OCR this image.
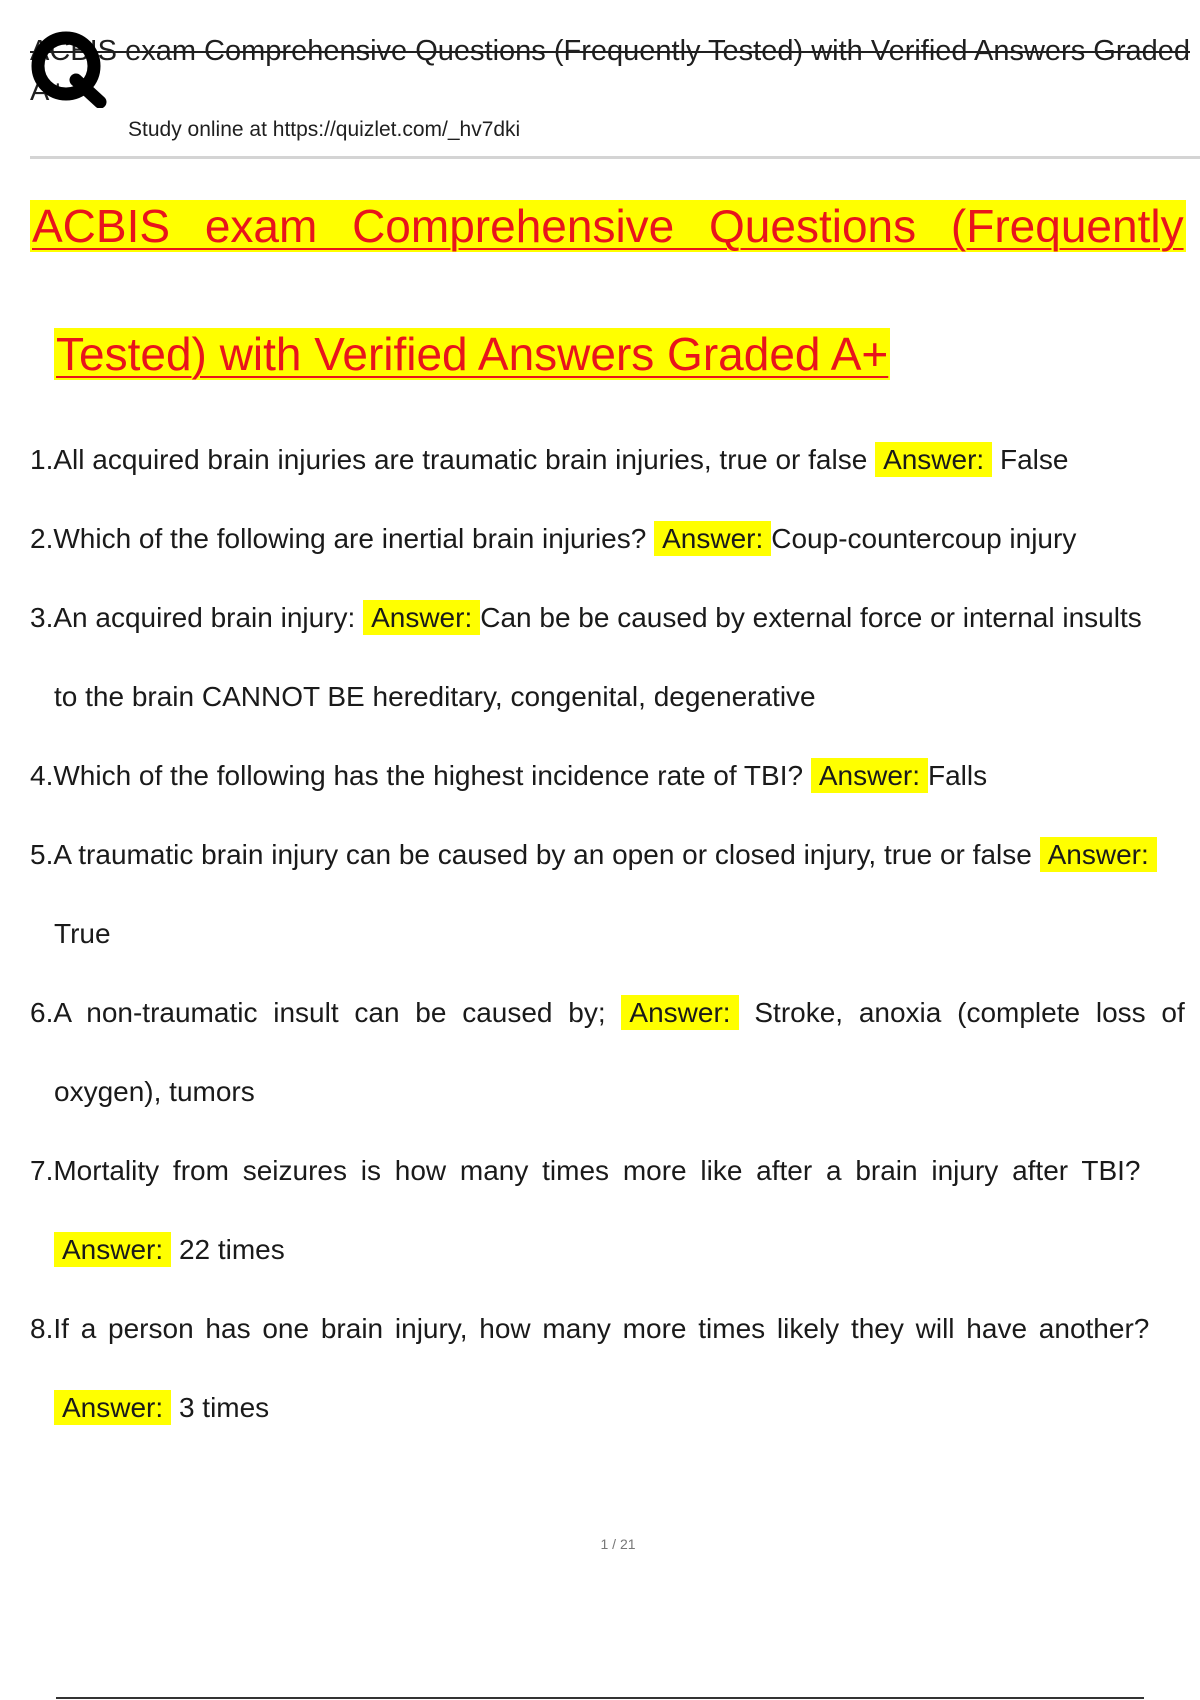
ACBIS exam Comprehensive Questions (Frequently Tested) with Verified Answers Graded
A+
Study online at https://quizlet.com/_hv7dki
ACBIS exam Comprehensive Questions (Frequently
Tested) with Verified Answers Graded A+
1.All acquired brain injuries are traumatic brain injuries, true or false Answer: False
2.Which of the following are inertial brain injuries? Answer: Coup-countercoup injury
3.An acquired brain injury: Answer: Can be be caused by external force or internal insults
to the brain CANNOT BE hereditary, congenital, degenerative
4.Which of the following has the highest incidence rate of TBI? Answer: Falls
5.A traumatic brain injury can be caused by an open or closed injury, true or false Answer:
True
6.A non-traumatic insult can be caused by; Answer: Stroke, anoxia (complete loss of
oxygen), tumors
7.Mortality from seizures is how many times more like after a brain injury after TBI?
Answer: 22 times
8.If a person has one brain injury, how many more times likely they will have another?
Answer: 3 times
1 / 21
